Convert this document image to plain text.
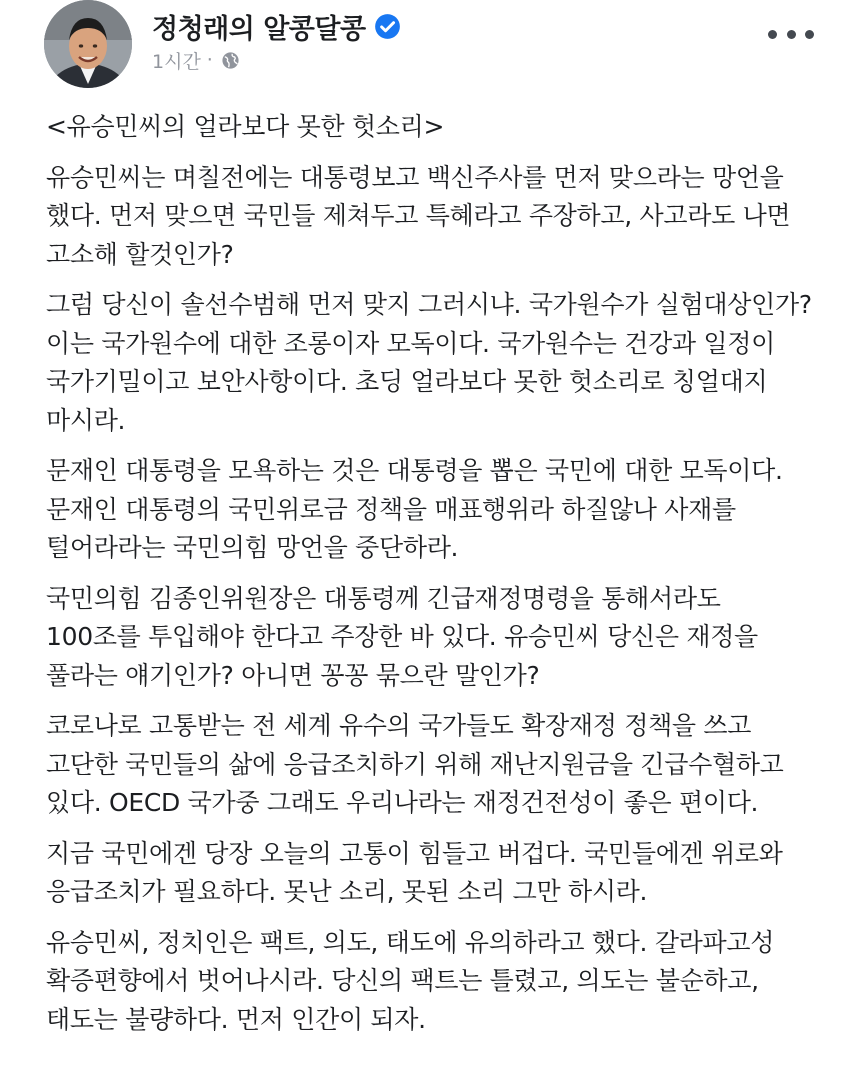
정청래의 알콩달콩
1시간 ·

<유승민씨의 얼라보다 못한 헛소리>

유승민씨는 며칠전에는 대통령보고 백신주사를 먼저 맞으라는 망언을 했다. 먼저 맞으면 국민들 제쳐두고 특혜라고 주장하고, 사고라도 나면 고소해 할것인가?

그럼 당신이 솔선수범해 먼저 맞지 그러시냐. 국가원수가 실험대상인가? 이는 국가원수에 대한 조롱이자 모독이다. 국가원수는 건강과 일정이 국가기밀이고 보안사항이다. 초딩 얼라보다 못한 헛소리로 칭얼대지 마시라.

문재인 대통령을 모욕하는 것은 대통령을 뽑은 국민에 대한 모독이다. 문재인 대통령의 국민위로금 정책을 매표행위라 하질않나 사재를 털어라라는 국민의힘 망언을 중단하라.

국민의힘 김종인위원장은 대통령께 긴급재정명령을 통해서라도 100조를 투입해야 한다고 주장한 바 있다. 유승민씨 당신은 재정을 풀라는 얘기인가? 아니면 꽁꽁 묶으란 말인가?

코로나로 고통받는 전 세계 유수의 국가들도 확장재정 정책을 쓰고 고단한 국민들의 삶에 응급조치하기 위해 재난지원금을 긴급수혈하고 있다. OECD 국가중 그래도 우리나라는 재정건전성이 좋은 편이다.

지금 국민에겐 당장 오늘의 고통이 힘들고 버겁다. 국민들에겐 위로와 응급조치가 필요하다. 못난 소리, 못된 소리 그만 하시라.

유승민씨, 정치인은 팩트, 의도, 태도에 유의하라고 했다. 갈라파고성 확증편향에서 벗어나시라. 당신의 팩트는 틀렸고, 의도는 불순하고, 태도는 불량하다. 먼저 인간이 되자.
